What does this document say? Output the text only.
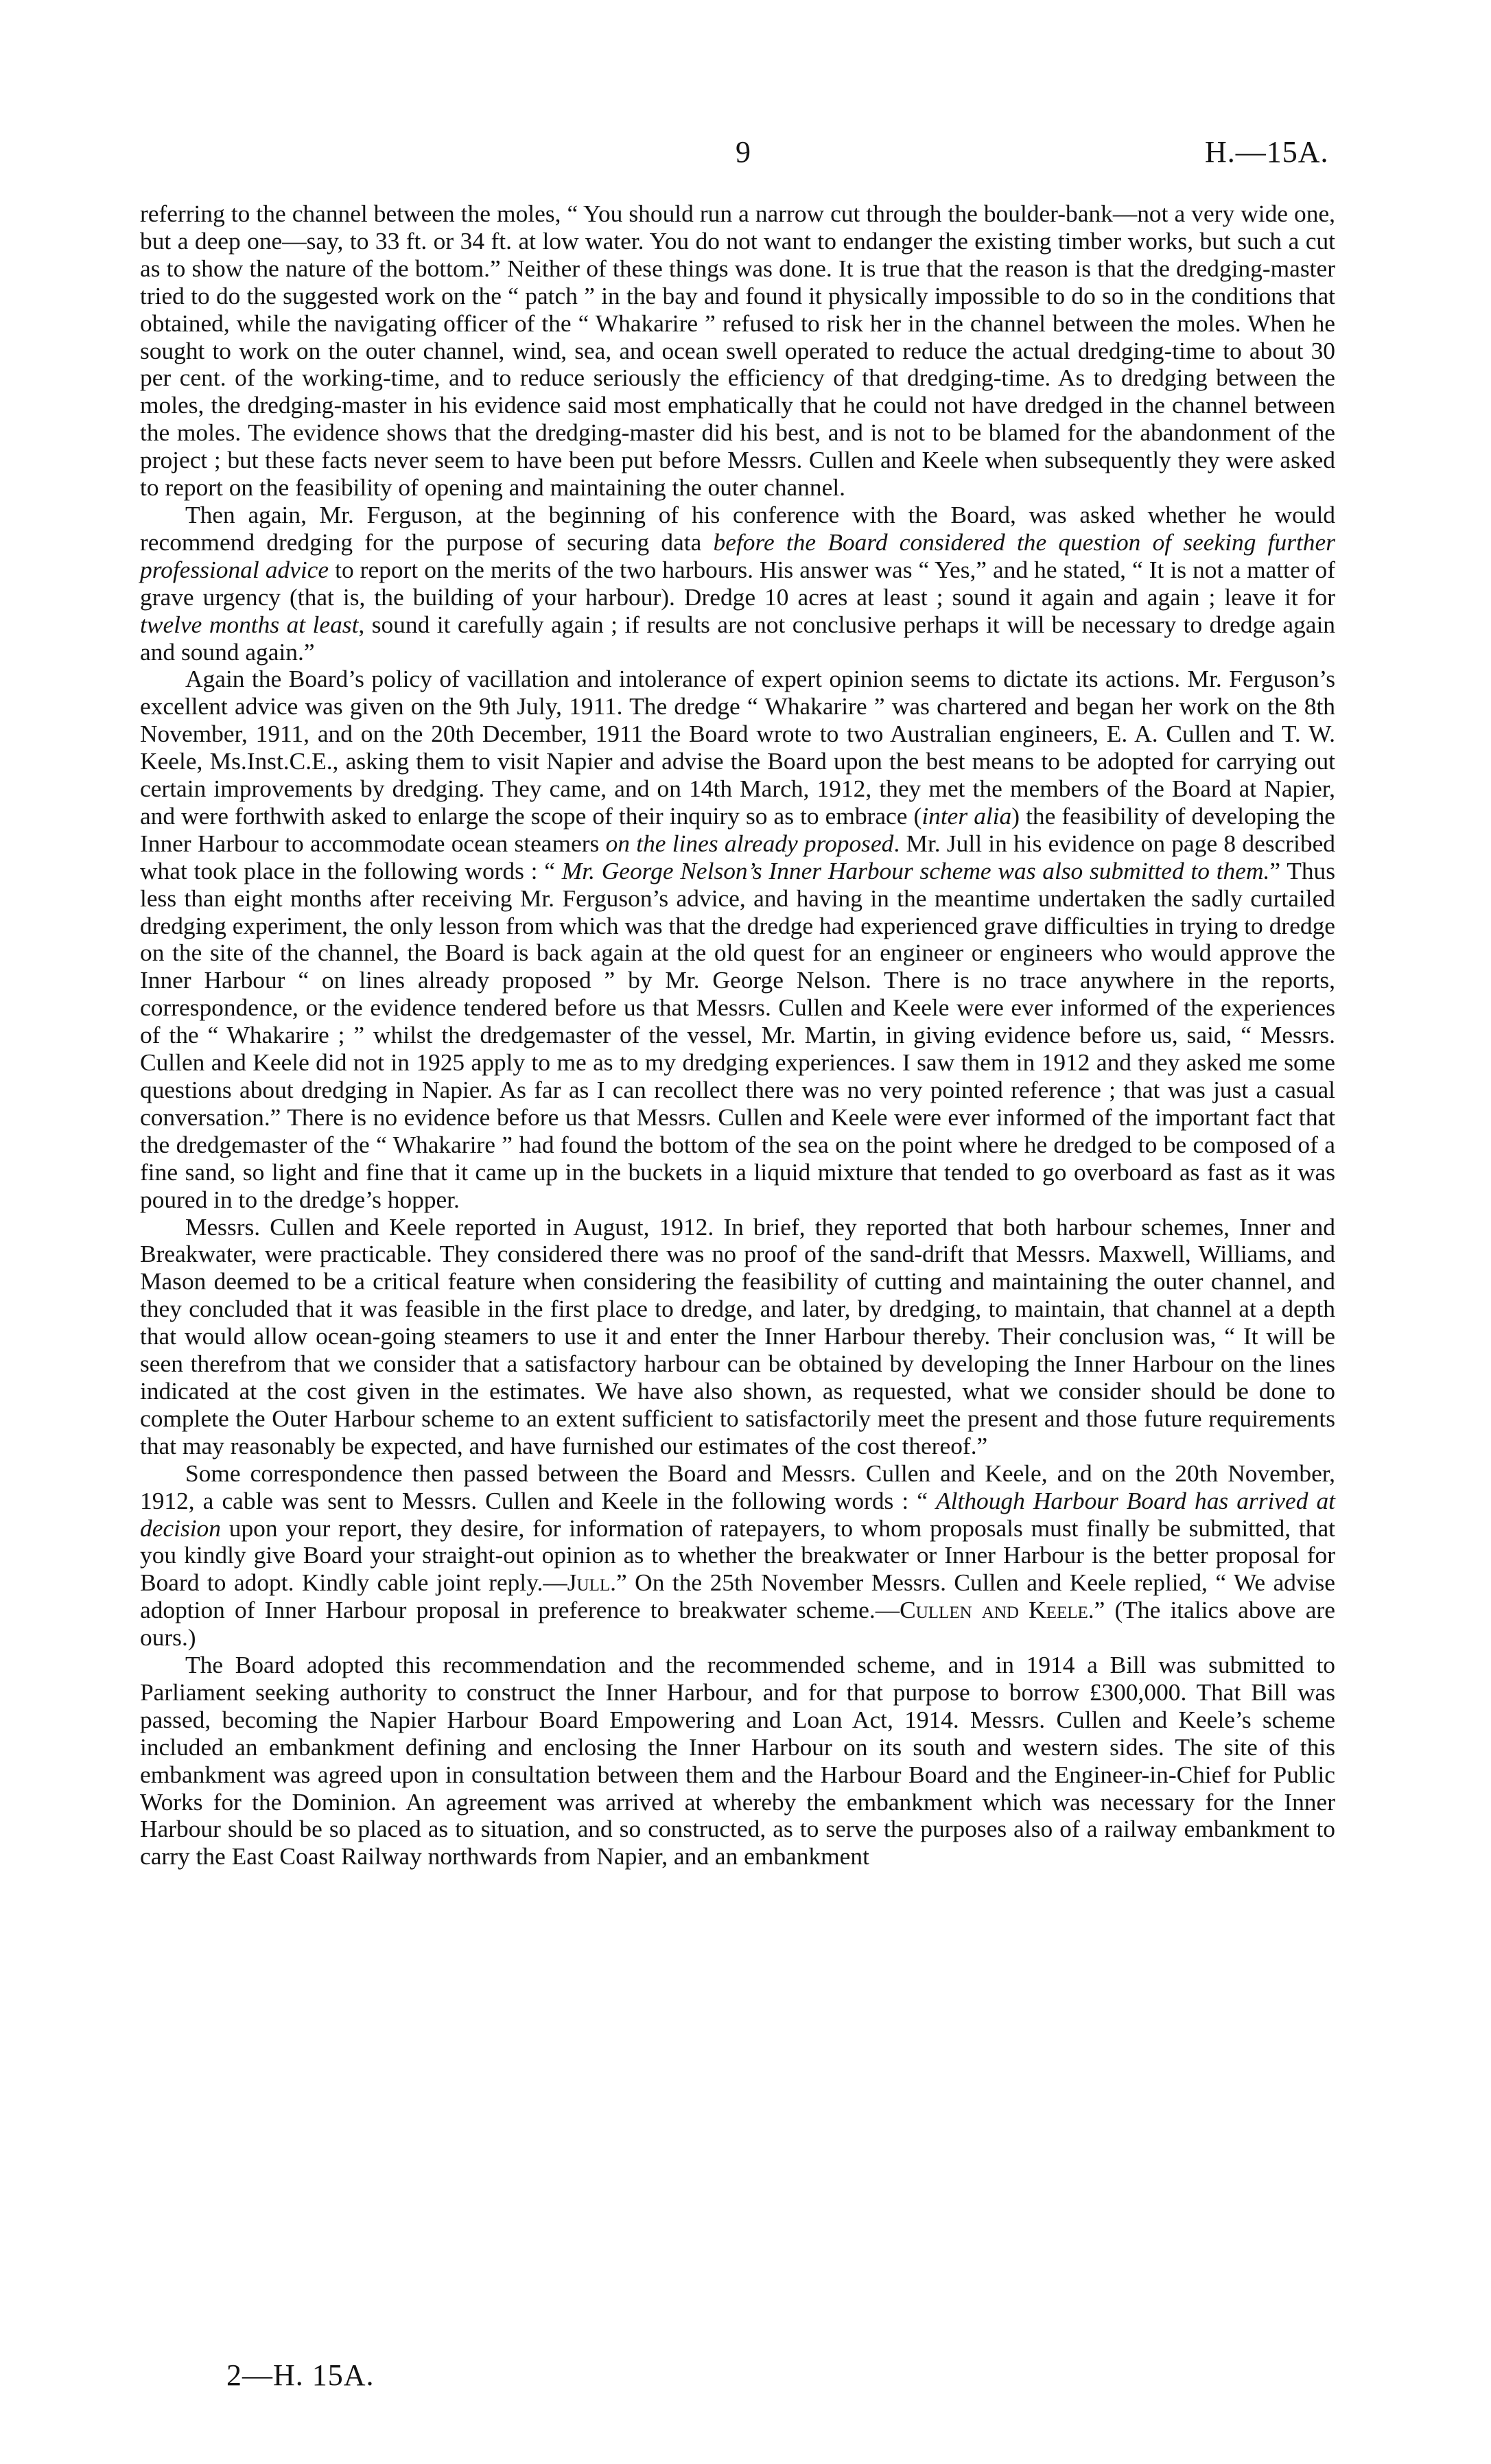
9	H.—15A.

referring to the channel between the moles, “ You should run a narrow cut through the boulder-bank—not a very wide one, but a deep one—say, to 33 ft. or 34 ft. at low water. You do not want to endanger the existing timber works, but such a cut as to show the nature of the bottom.” Neither of these things was done. It is true that the reason is that the dredging-master tried to do the suggested work on the “ patch ” in the bay and found it physically impossible to do so in the conditions that obtained, while the navigating officer of the “ Whakarire ” refused to risk her in the channel between the moles. When he sought to work on the outer channel, wind, sea, and ocean swell operated to reduce the actual dredging-time to about 30 per cent. of the working-time, and to reduce seriously the efficiency of that dredging-time. As to dredging between the moles, the dredging-master in his evidence said most emphatically that he could not have dredged in the channel between the moles. The evidence shows that the dredging-master did his best, and is not to be blamed for the abandonment of the project ; but these facts never seem to have been put before Messrs. Cullen and Keele when subsequently they were asked to report on the feasibility of opening and maintaining the outer channel.

Then again, Mr. Ferguson, at the beginning of his conference with the Board, was asked whether he would recommend dredging for the purpose of securing data before the Board considered the question of seeking further professional advice to report on the merits of the two harbours. His answer was “ Yes,” and he stated, “ It is not a matter of grave urgency (that is, the building of your harbour). Dredge 10 acres at least ; sound it again and again ; leave it for twelve months at least, sound it carefully again ; if results are not conclusive perhaps it will be necessary to dredge again and sound again.”

Again the Board’s policy of vacillation and intolerance of expert opinion seems to dictate its actions. Mr. Ferguson’s excellent advice was given on the 9th July, 1911. The dredge “ Whakarire ” was chartered and began her work on the 8th November, 1911, and on the 20th December, 1911 the Board wrote to two Australian engineers, E. A. Cullen and T. W. Keele, Ms.Inst.C.E., asking them to visit Napier and advise the Board upon the best means to be adopted for carrying out certain improvements by dredging. They came, and on 14th March, 1912, they met the members of the Board at Napier, and were forthwith asked to enlarge the scope of their inquiry so as to embrace (inter alia) the feasibility of developing the Inner Harbour to accommodate ocean steamers on the lines already proposed. Mr. Jull in his evidence on page 8 described what took place in the following words : “ Mr. George Nelson’s Inner Harbour scheme was also submitted to them.” Thus less than eight months after receiving Mr. Ferguson’s advice, and having in the meantime undertaken the sadly curtailed dredging experiment, the only lesson from which was that the dredge had experienced grave difficulties in trying to dredge on the site of the channel, the Board is back again at the old quest for an engineer or engineers who would approve the Inner Harbour “ on lines already proposed ” by Mr. George Nelson. There is no trace anywhere in the reports, correspondence, or the evidence tendered before us that Messrs. Cullen and Keele were ever informed of the experiences of the “ Whakarire ; ” whilst the dredgemaster of the vessel, Mr. Martin, in giving evidence before us, said, “ Messrs. Cullen and Keele did not in 1925 apply to me as to my dredging experiences. I saw them in 1912 and they asked me some questions about dredging in Napier. As far as I can recollect there was no very pointed reference ; that was just a casual conversation.” There is no evidence before us that Messrs. Cullen and Keele were ever informed of the important fact that the dredgemaster of the “ Whakarire ” had found the bottom of the sea on the point where he dredged to be composed of a fine sand, so light and fine that it came up in the buckets in a liquid mixture that tended to go overboard as fast as it was poured in to the dredge’s hopper.

Messrs. Cullen and Keele reported in August, 1912. In brief, they reported that both harbour schemes, Inner and Breakwater, were practicable. They considered there was no proof of the sand-drift that Messrs. Maxwell, Williams, and Mason deemed to be a critical feature when considering the feasibility of cutting and maintaining the outer channel, and they concluded that it was feasible in the first place to dredge, and later, by dredging, to maintain, that channel at a depth that would allow ocean-going steamers to use it and enter the Inner Harbour thereby. Their conclusion was, “ It will be seen therefrom that we consider that a satisfactory harbour can be obtained by developing the Inner Harbour on the lines indicated at the cost given in the estimates. We have also shown, as requested, what we consider should be done to complete the Outer Harbour scheme to an extent sufficient to satisfactorily meet the present and those future requirements that may reasonably be expected, and have furnished our estimates of the cost thereof.”

Some correspondence then passed between the Board and Messrs. Cullen and Keele, and on the 20th November, 1912, a cable was sent to Messrs. Cullen and Keele in the following words : “ Although Harbour Board has arrived at decision upon your report, they desire, for information of ratepayers, to whom proposals must finally be submitted, that you kindly give Board your straight-out opinion as to whether the breakwater or Inner Harbour is the better proposal for Board to adopt. Kindly cable joint reply.—Jull.” On the 25th November Messrs. Cullen and Keele replied, “ We advise adoption of Inner Harbour proposal in preference to breakwater scheme.—Cullen and Keele.” (The italics above are ours.)

The Board adopted this recommendation and the recommended scheme, and in 1914 a Bill was submitted to Parliament seeking authority to construct the Inner Harbour, and for that purpose to borrow £300,000. That Bill was passed, becoming the Napier Harbour Board Empowering and Loan Act, 1914. Messrs. Cullen and Keele’s scheme included an embankment defining and enclosing the Inner Harbour on its south and western sides. The site of this embankment was agreed upon in consultation between them and the Harbour Board and the Engineer-in-Chief for Public Works for the Dominion. An agreement was arrived at whereby the embankment which was necessary for the Inner Harbour should be so placed as to situation, and so constructed, as to serve the purposes also of a railway embankment to carry the East Coast Railway northwards from Napier, and an embankment

2—H. 15A.
